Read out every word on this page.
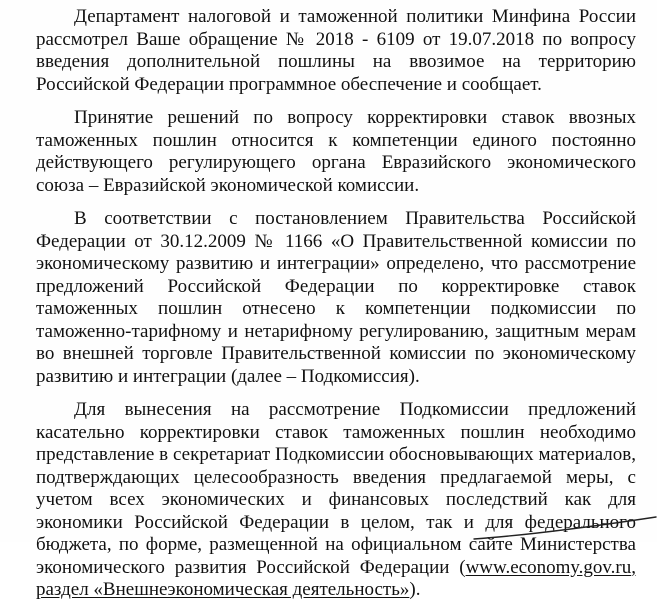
Департамент налоговой и таможенной политики Минфина России рассмотрел Ваше обращение № 2018 - 6109 от 19.07.2018 по вопросу введения дополнительной пошлины на ввозимое на территорию Российской Федерации программное обеспечение и сообщает.

Принятие решений по вопросу корректировки ставок ввозных таможенных пошлин относится к компетенции единого постоянно действующего регулирующего органа Евразийского экономического союза – Евразийской экономической комиссии.

В соответствии с постановлением Правительства Российской Федерации от 30.12.2009 № 1166 «О Правительственной комиссии по экономическому развитию и интеграции» определено, что рассмотрение предложений Российской Федерации по корректировке ставок таможенных пошлин отнесено к компетенции подкомиссии по таможенно-тарифному и нетарифному регулированию, защитным мерам во внешней торговле Правительственной комиссии по экономическому развитию и интеграции (далее – Подкомиссия).

Для вынесения на рассмотрение Подкомиссии предложений касательно корректировки ставок таможенных пошлин необходимо представление в секретариат Подкомиссии обосновывающих материалов, подтверждающих целесообразность введения предлагаемой меры, с учетом всех экономических и финансовых последствий как для экономики Российской Федерации в целом, так и для федерального бюджета, по форме, размещенной на официальном сайте Министерства экономического развития Российской Федерации (www.economy.gov.ru, раздел «Внешнеэкономическая деятельность»).
